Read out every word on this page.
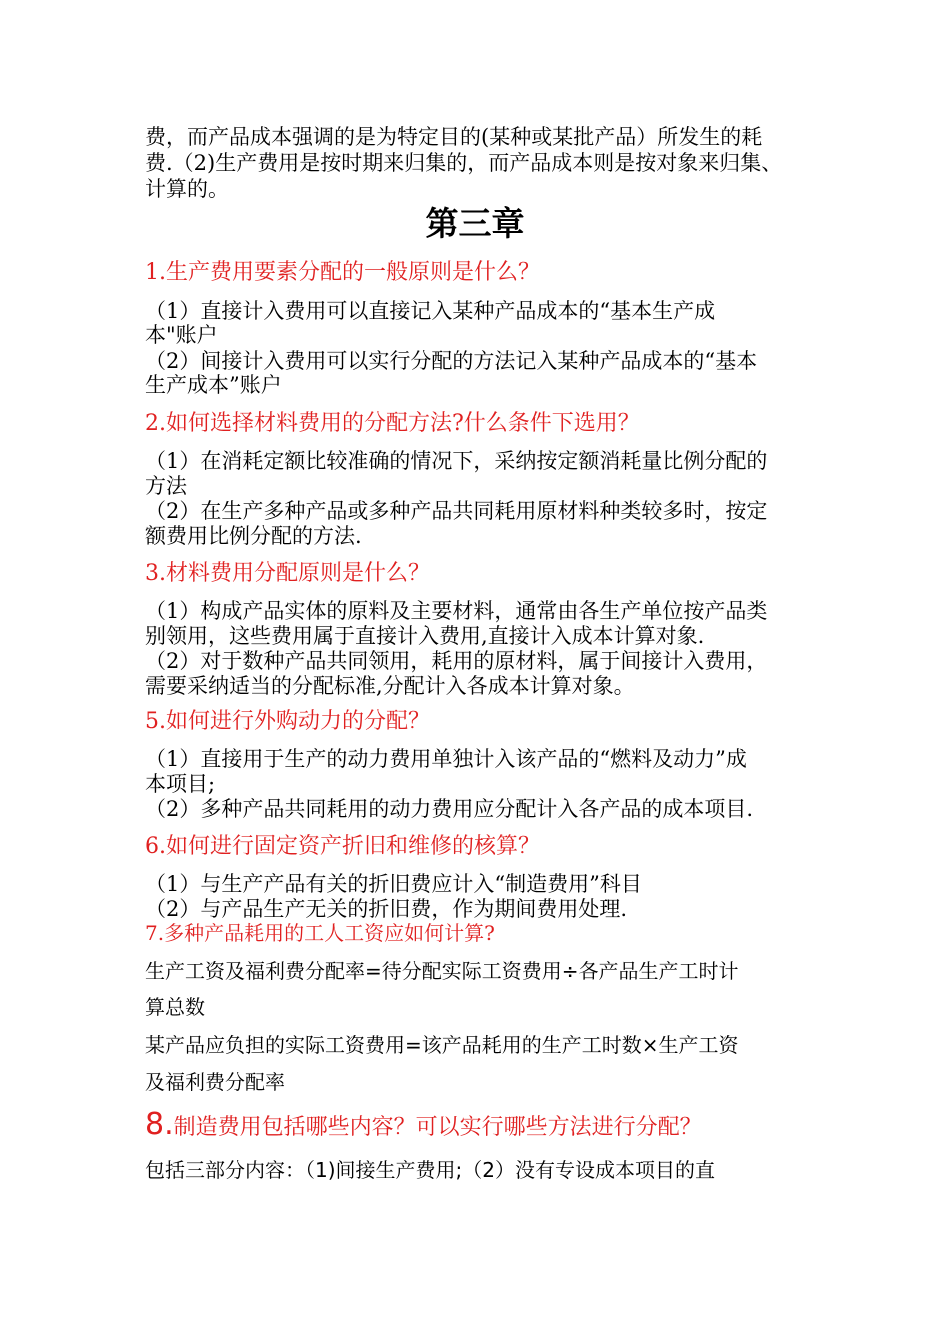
费，而产品成本强调的是为特定目的(某种或某批产品）所发生的耗
费.（2)生产费用是按时期来归集的，而产品成本则是按对象来归集、
计算的。
第三章
1.生产费用要素分配的一般原则是什么？
（1）直接计入费用可以直接记入某种产品成本的“基本生产成
本"账户
（2）间接计入费用可以实行分配的方法记入某种产品成本的“基本
生产成本”账户
2.如何选择材料费用的分配方法?什么条件下选用？
（1）在消耗定额比较准确的情况下，采纳按定额消耗量比例分配的
方法
（2）在生产多种产品或多种产品共同耗用原材料种类较多时，按定
额费用比例分配的方法.
3.材料费用分配原则是什么？
（1）构成产品实体的原料及主要材料，通常由各生产单位按产品类
别领用，这些费用属于直接计入费用,直接计入成本计算对象.
（2）对于数种产品共同领用，耗用的原材料，属于间接计入费用，
需要采纳适当的分配标准,分配计入各成本计算对象。
5.如何进行外购动力的分配？
（1）直接用于生产的动力费用单独计入该产品的“燃料及动力”成
本项目;
（2）多种产品共同耗用的动力费用应分配计入各产品的成本项目.
6.如何进行固定资产折旧和维修的核算？
（1）与生产产品有关的折旧费应计入“制造费用”科目
（2）与产品生产无关的折旧费，作为期间费用处理.
7.多种产品耗用的工人工资应如何计算?
生产工资及福利费分配率=待分配实际工资费用÷各产品生产工时计
算总数
某产品应负担的实际工资费用=该产品耗用的生产工时数×生产工资
及福利费分配率
8.制造费用包括哪些内容？可以实行哪些方法进行分配？
包括三部分内容：（1)间接生产费用;（2）没有专设成本项目的直
